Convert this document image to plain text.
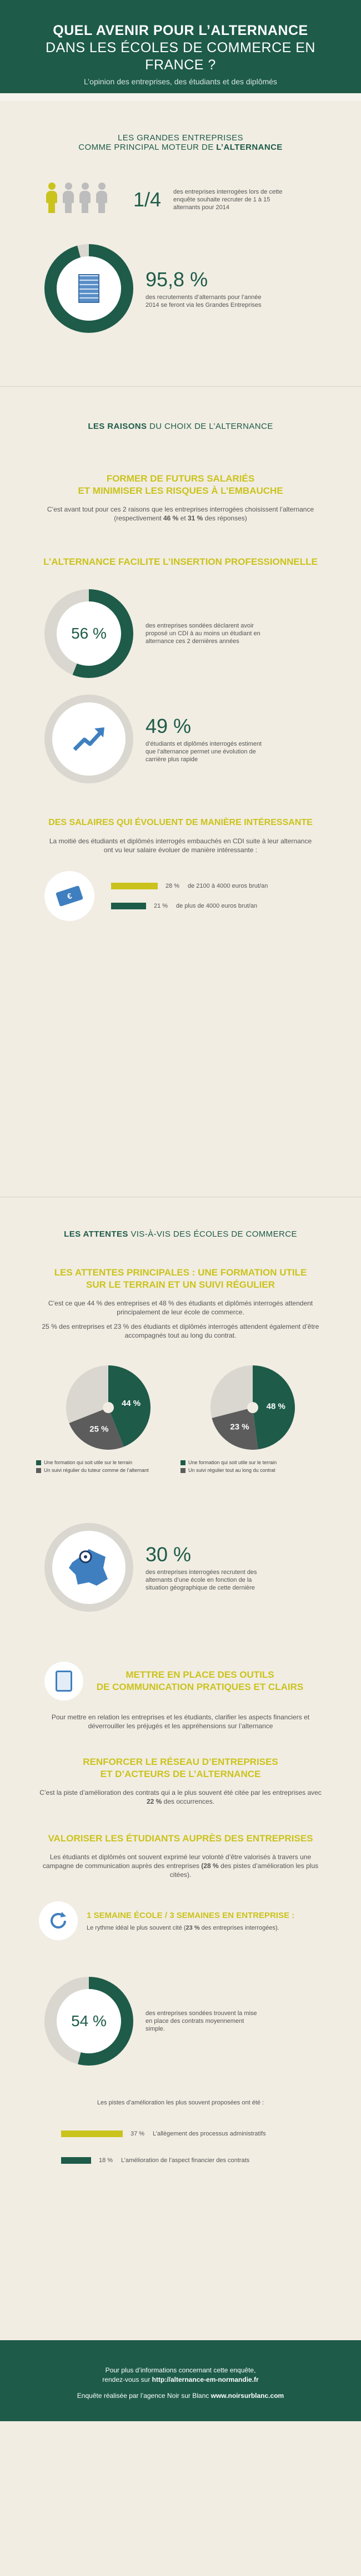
QUEL AVENIR POUR L’ALTERNANCE
DANS LES ÉCOLES DE COMMERCE EN FRANCE ?

L’opinion des entreprises, des étudiants et des diplômés

LES GRANDES ENTREPRISES
COMME PRINCIPAL MOTEUR DE L’ALTERNANCE
1/4 des entreprises interrogées lors de cette enquête souhaite recruter de 1 à 15 alternants pour 2014
95,8 %
des recrutements d’alternants pour l’année 2014 se feront via les Grandes Entreprises
LES RAISONS DU CHOIX DE L’ALTERNANCE
FORMER DE FUTURS SALARIÉS
ET MINIMISER LES RISQUES À L’EMBAUCHE
C’est avant tout pour ces 2 raisons que les entreprises interrogées choisissent l’alternance
(respectivement 46 % et 31 % des réponses)
L’ALTERNANCE FACILITE L’INSERTION PROFESSIONNELLE
56 %	des entreprises sondées déclarent avoir proposé un CDI à au moins un étudiant en alternance ces 2 dernières années
49 %
d’étudiants et diplômés interrogés estiment que l’alternance permet une évolution de carrière plus rapide
DES SALAIRES QUI ÉVOLUENT DE MANIÈRE INTÉRESSANTE
La moitié des étudiants et diplômés interrogés embauchés en CDI suite à leur alternance
ont vu leur salaire évoluer de manière intéressante :
€
28 %	de 2100 à 4000 euros brut/an
21 %	de plus de 4000 euros brut/an
LES ATTENTES VIS-À-VIS DES ÉCOLES DE COMMERCE
LES ATTENTES PRINCIPALES : UNE FORMATION UTILE
SUR LE TERRAIN ET UN SUIVI RÉGULIER
C’est ce que 44 % des entreprises et 48 % des étudiants et diplômés interrogés attendent principalement de leur école de commerce.
25 % des entreprises et 23 % des étudiants et diplômés interrogés attendent également d’être accompagnés tout au long du contrat.
44 %
25 %
Une formation qui soit utile sur le terrain
Un suivi régulier du tuteur comme de l’alternant
48 %
23 %
Une formation qui soit utile sur le terrain
Un suivi régulier tout au long du contrat
30 %
des entreprises interrogées recrutent des alternants d’une école en fonction de la situation géographique de cette dernière
METTRE EN PLACE DES OUTILS
DE COMMUNICATION PRATIQUES ET CLAIRS
Pour mettre en relation les entreprises et les étudiants, clarifier les aspects financiers et déverrouiller les préjugés et les appréhensions sur l’alternance
RENFORCER LE RÉSEAU D’ENTREPRISES
ET D’ACTEURS DE L’ALTERNANCE
C’est la piste d’amélioration des contrats qui a le plus souvent été citée par les entreprises avec 22 % des occurrences.
VALORISER LES ÉTUDIANTS AUPRÈS DES ENTREPRISES
Les étudiants et diplômés ont souvent exprimé leur volonté d’être valorisés à travers une campagne de communication auprès des entreprises (28 % des pistes d’amélioration les plus citées).
1 SEMAINE ÉCOLE / 3 SEMAINES EN ENTREPRISE :
Le rythme idéal le plus souvent cité (23 % des entreprises interrogées).
54 %	des entreprises sondées trouvent la mise en place des contrats moyennement simple.
Les pistes d’amélioration les plus souvent proposées ont été :
37 %	L’allègement des processus administratifs
18 %	L’amélioration de l’aspect financier des contrats
Pour plus d’informations concernant cette enquête,
rendez-vous sur http://alternance-em-normandie.fr
Enquête réalisée par l’agence Noir sur Blanc www.noirsurblanc.com
